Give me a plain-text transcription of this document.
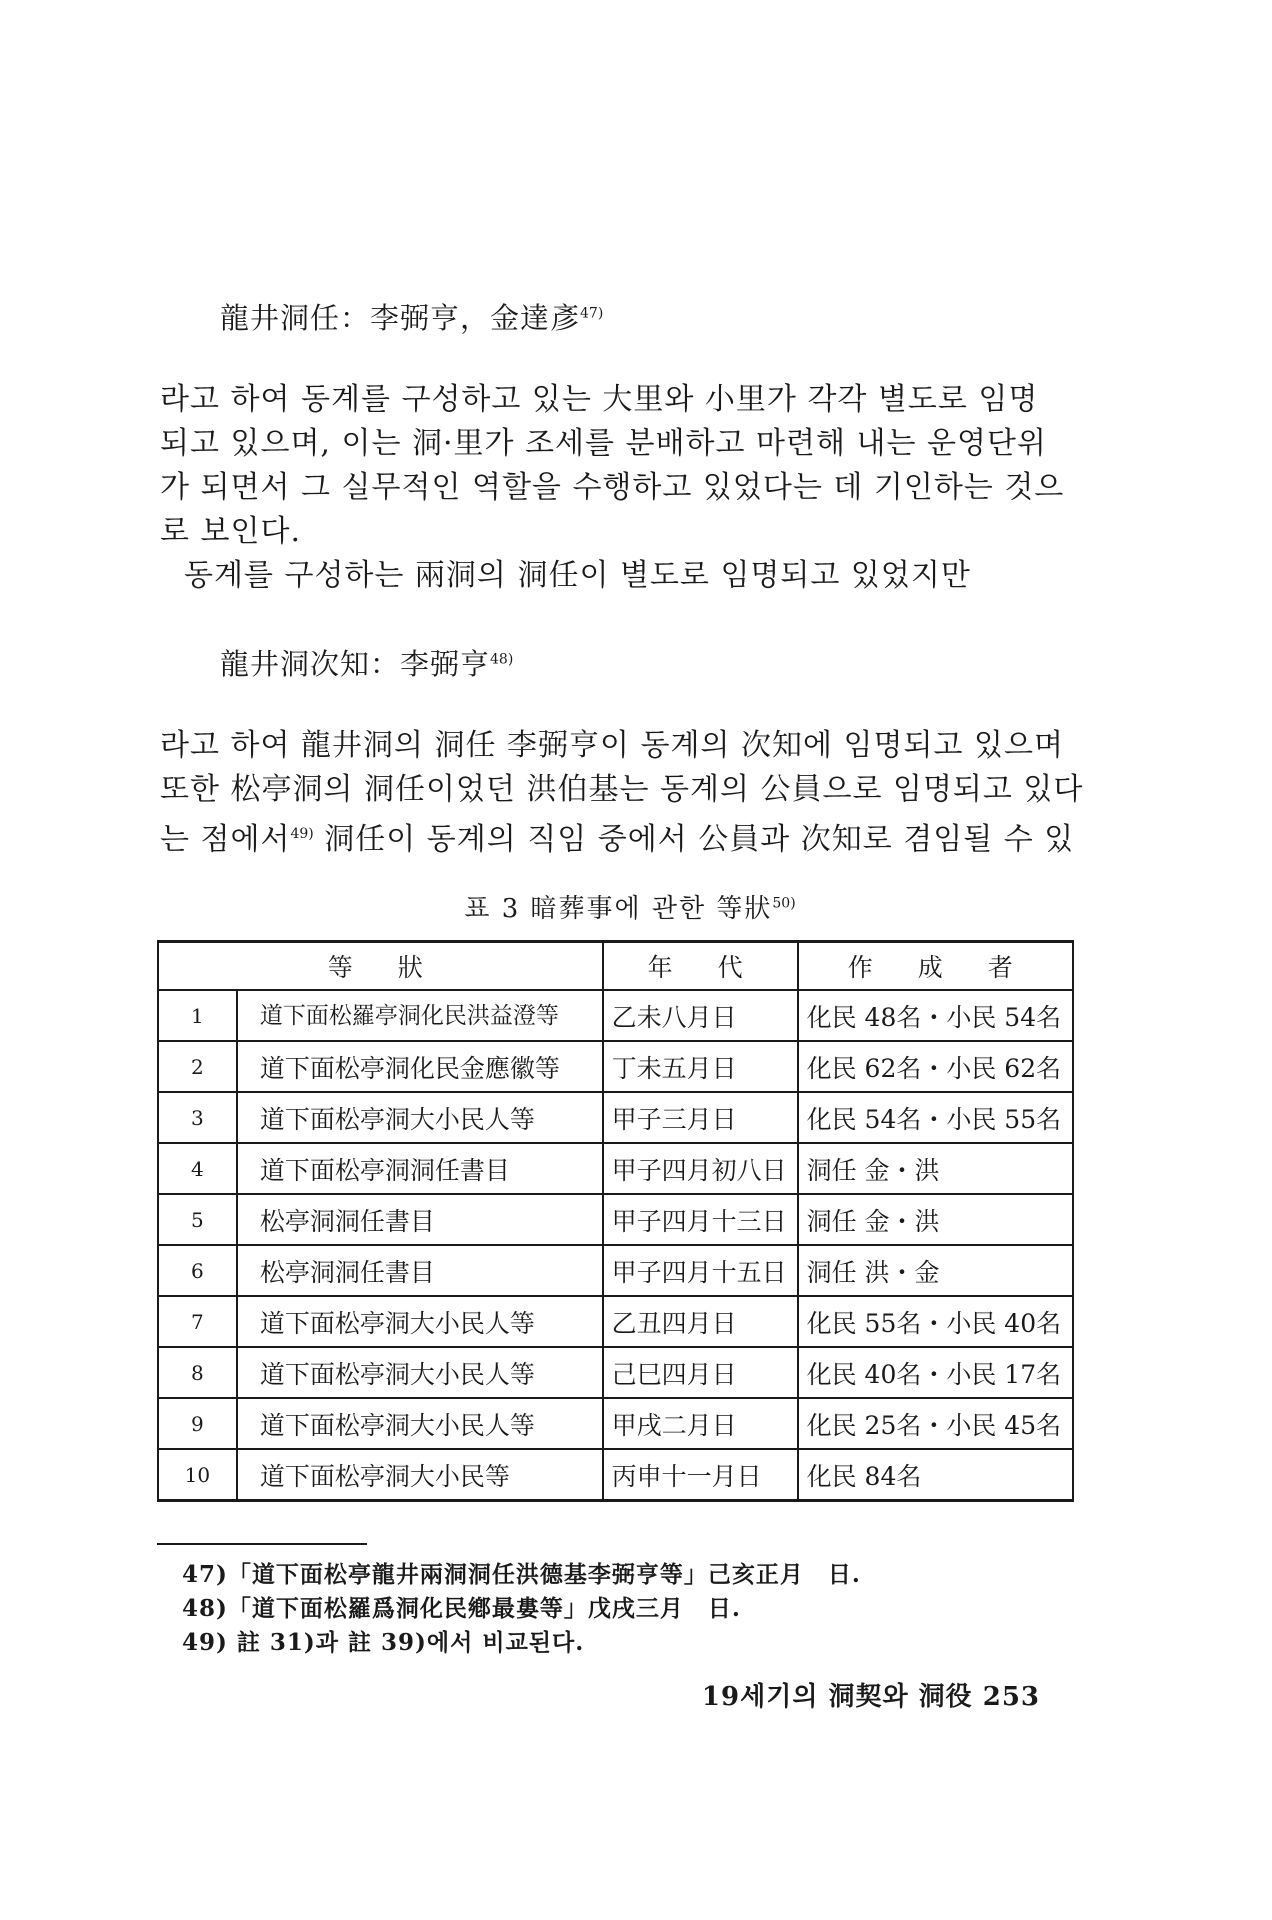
龍井洞任：李弼亨，金達彥$^{47)}$
라고 하여 동계를 구성하고 있는 大里와 小里가 각각 별도로 임명
되고 있으며, 이는 洞·里가 조세를 분배하고 마련해 내는 운영단위
가 되면서 그 실무적인 역할을 수행하고 있었다는 데 기인하는 것으
로 보인다.
동계를 구성하는 兩洞의 洞任이 별도로 임명되고 있었지만
龍井洞次知：李弼亨$^{48)}$
라고 하여 龍井洞의 洞任 李弼亨이 동계의 次知에 임명되고 있으며
또한 松亭洞의 洞任이었던 洪伯基는 동계의 公員으로 임명되고 있다
는 점에서$^{49)}$ 洞任이 동계의 직임 중에서 公員과 次知로 겸임될 수 있
표 3 暗葬事에 관한 等狀$^{50)}$
等　狀		年　代	作　成　者
1	道下面松羅亭洞化民洪益澄等	乙未八月日	化民 48名・小民 54名
2	道下面松亭洞化民金應徽等	丁未五月日	化民 62名・小民 62名
3	道下面松亭洞大小民人等	甲子三月日	化民 54名・小民 55名
4	道下面松亭洞洞任書目	甲子四月初八日	洞任 金・洪
5	松亭洞洞任書目	甲子四月十三日	洞任 金・洪
6	松亭洞洞任書目	甲子四月十五日	洞任 洪・金
7	道下面松亭洞大小民人等	乙丑四月日	化民 55名・小民 40名
8	道下面松亭洞大小民人等	己巳四月日	化民 40名・小民 17名
9	道下面松亭洞大小民人等	甲戌二月日	化民 25名・小民 45名
10	道下面松亭洞大小民等	丙申十一月日	化民 84名
47)「道下面松亭龍井兩洞洞任洪德基李弼亨等」己亥正月　日.
48)「道下面松羅爲洞化民鄕最婁等」戊戌三月　日.
49) 註 31)과 註 39)에서 비교된다.
19세기의 洞契와 洞役 253
